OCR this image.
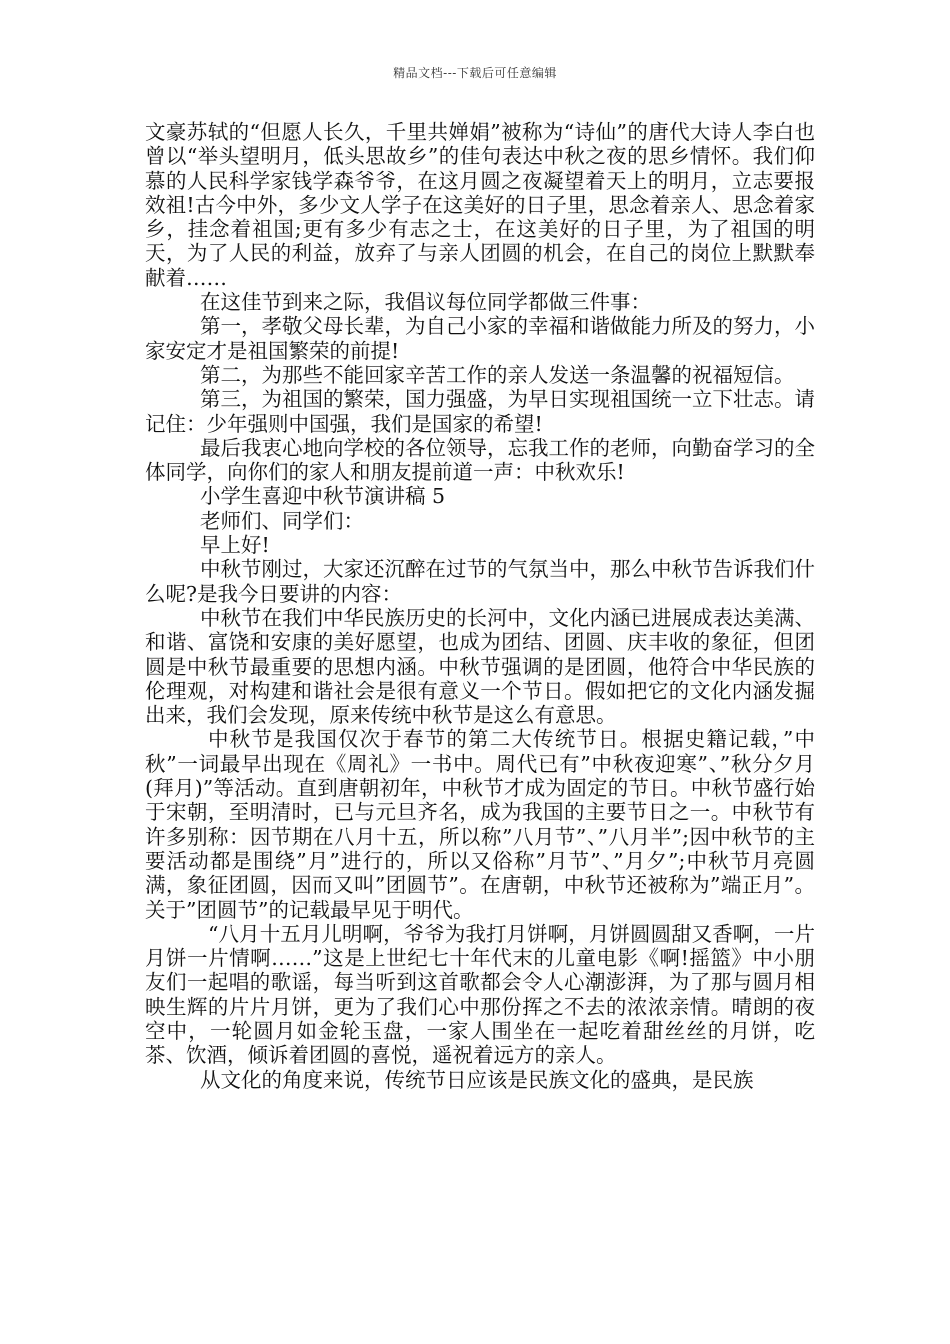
精品文档---下载后可任意编辑

文豪苏轼的“但愿人长久，千里共婵娟”被称为“诗仙”的唐代大诗人李白也曾以“举头望明月，低头思故乡”的佳句表达中秋之夜的思乡情怀。我们仰慕的人民科学家钱学森爷爷，在这月圆之夜凝望着天上的明月，立志要报效祖!古今中外，多少文人学子在这美好的日子里，思念着亲人、思念着家乡，挂念着祖国;更有多少有志之士，在这美好的日子里，为了祖国的明天，为了人民的利益，放弃了与亲人团圆的机会，在自己的岗位上默默奉献着……

在这佳节到来之际，我倡议每位同学都做三件事：

第一，孝敬父母长辈，为自己小家的幸福和谐做能力所及的努力，小家安定才是祖国繁荣的前提!

第二，为那些不能回家辛苦工作的亲人发送一条温馨的祝福短信。

第三，为祖国的繁荣，国力强盛，为早日实现祖国统一立下壮志。请记住：少年强则中国强，我们是国家的希望!

最后我衷心地向学校的各位领导，忘我工作的老师，向勤奋学习的全体同学，向你们的家人和朋友提前道一声：中秋欢乐!

小学生喜迎中秋节演讲稿 5

老师们、同学们：

早上好!

中秋节刚过，大家还沉醉在过节的气氛当中，那么中秋节告诉我们什么呢?是我今日要讲的内容：

中秋节在我们中华民族历史的长河中，文化内涵已进展成表达美满、和谐、富饶和安康的美好愿望，也成为团结、团圆、庆丰收的象征，但团圆是中秋节最重要的思想内涵。中秋节强调的是团圆，他符合中华民族的伦理观，对构建和谐社会是很有意义一个节日。假如把它的文化内涵发掘出来，我们会发现，原来传统中秋节是这么有意思。

中秋节是我国仅次于春节的第二大传统节日。根据史籍记载，”中秋”一词最早出现在《周礼》一书中。周代已有”中秋夜迎寒”、”秋分夕月(拜月)”等活动。直到唐朝初年，中秋节才成为固定的节日。中秋节盛行始于宋朝，至明清时，已与元旦齐名，成为我国的主要节日之一。中秋节有许多别称：因节期在八月十五，所以称”八月节”、”八月半”;因中秋节的主要活动都是围绕”月”进行的，所以又俗称”月节”、”月夕”;中秋节月亮圆满，象征团圆，因而又叫”团圆节”。在唐朝，中秋节还被称为”端正月”。关于”团圆节”的记载最早见于明代。

“八月十五月儿明啊，爷爷为我打月饼啊，月饼圆圆甜又香啊，一片月饼一片情啊……”这是上世纪七十年代末的儿童电影《啊!摇篮》中小朋友们一起唱的歌谣，每当听到这首歌都会令人心潮澎湃，为了那与圆月相映生辉的片片月饼，更为了我们心中那份挥之不去的浓浓亲情。晴朗的夜空中，一轮圆月如金轮玉盘，一家人围坐在一起吃着甜丝丝的月饼，吃茶、饮酒，倾诉着团圆的喜悦，遥祝着远方的亲人。

从文化的角度来说，传统节日应该是民族文化的盛典，是民族
